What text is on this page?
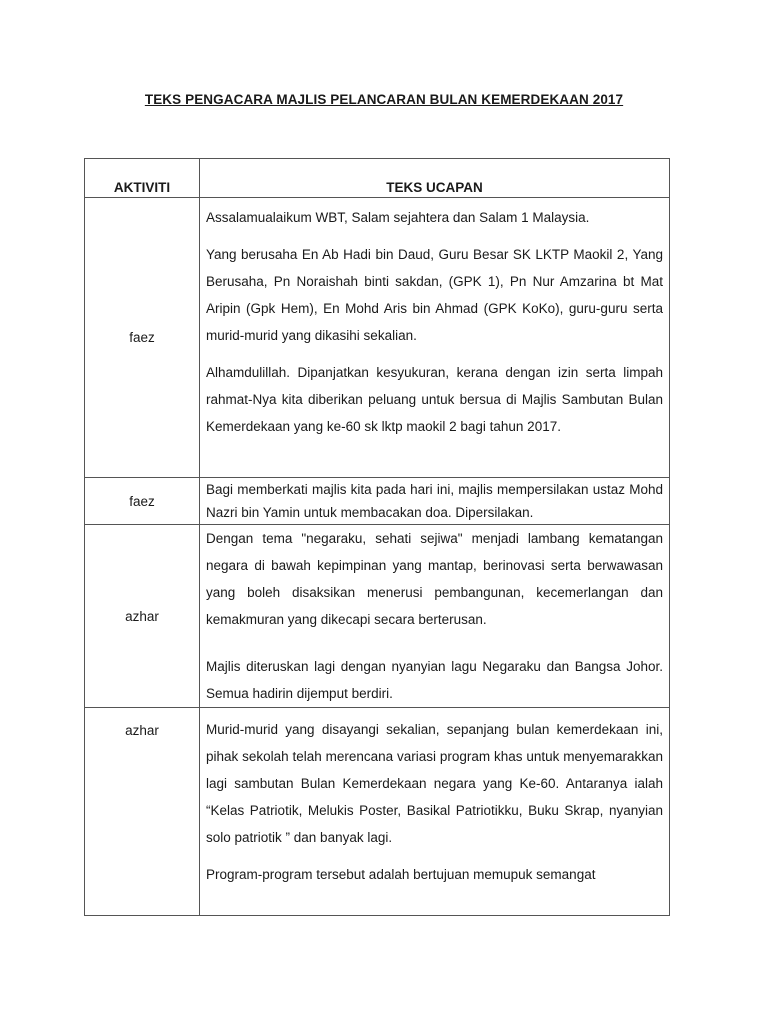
TEKS PENGACARA MAJLIS PELANCARAN BULAN KEMERDEKAAN 2017
AKTIVITI	TEKS UCAPAN
faez	Assalamualaikum WBT, Salam sejahtera dan Salam 1 Malaysia.

Yang berusaha En Ab Hadi bin Daud, Guru Besar SK LKTP Maokil 2, Yang Berusaha, Pn Noraishah binti sakdan, (GPK 1), Pn Nur Amzarina bt Mat Aripin (Gpk Hem), En Mohd Aris bin Ahmad (GPK KoKo), guru-guru serta murid-murid yang dikasihi sekalian.

Alhamdulillah. Dipanjatkan kesyukuran, kerana dengan izin serta limpah rahmat-Nya kita diberikan peluang untuk bersua di Majlis Sambutan Bulan Kemerdekaan yang ke-60 sk lktp maokil 2 bagi tahun 2017.

faez	Bagi memberkati majlis kita pada hari ini, majlis mempersilakan ustaz Mohd Nazri bin Yamin untuk membacakan doa. Dipersilakan.

azhar	Dengan tema "negaraku, sehati sejiwa" menjadi lambang kematangan negara di bawah kepimpinan yang mantap, berinovasi serta berwawasan yang boleh disaksikan menerusi pembangunan, kecemerlangan dan kemakmuran yang dikecapi secara berterusan.

Majlis diteruskan lagi dengan nyanyian lagu Negaraku dan Bangsa Johor. Semua hadirin dijemput berdiri.

azhar	Murid-murid yang disayangi sekalian, sepanjang bulan kemerdekaan ini, pihak sekolah telah merencana variasi program khas untuk menyemarakkan lagi sambutan Bulan Kemerdekaan negara yang Ke-60. Antaranya ialah “Kelas Patriotik, Melukis Poster, Basikal Patriotikku, Buku Skrap, nyanyian solo patriotik ” dan banyak lagi.

Program-program tersebut adalah bertujuan memupuk semangat
